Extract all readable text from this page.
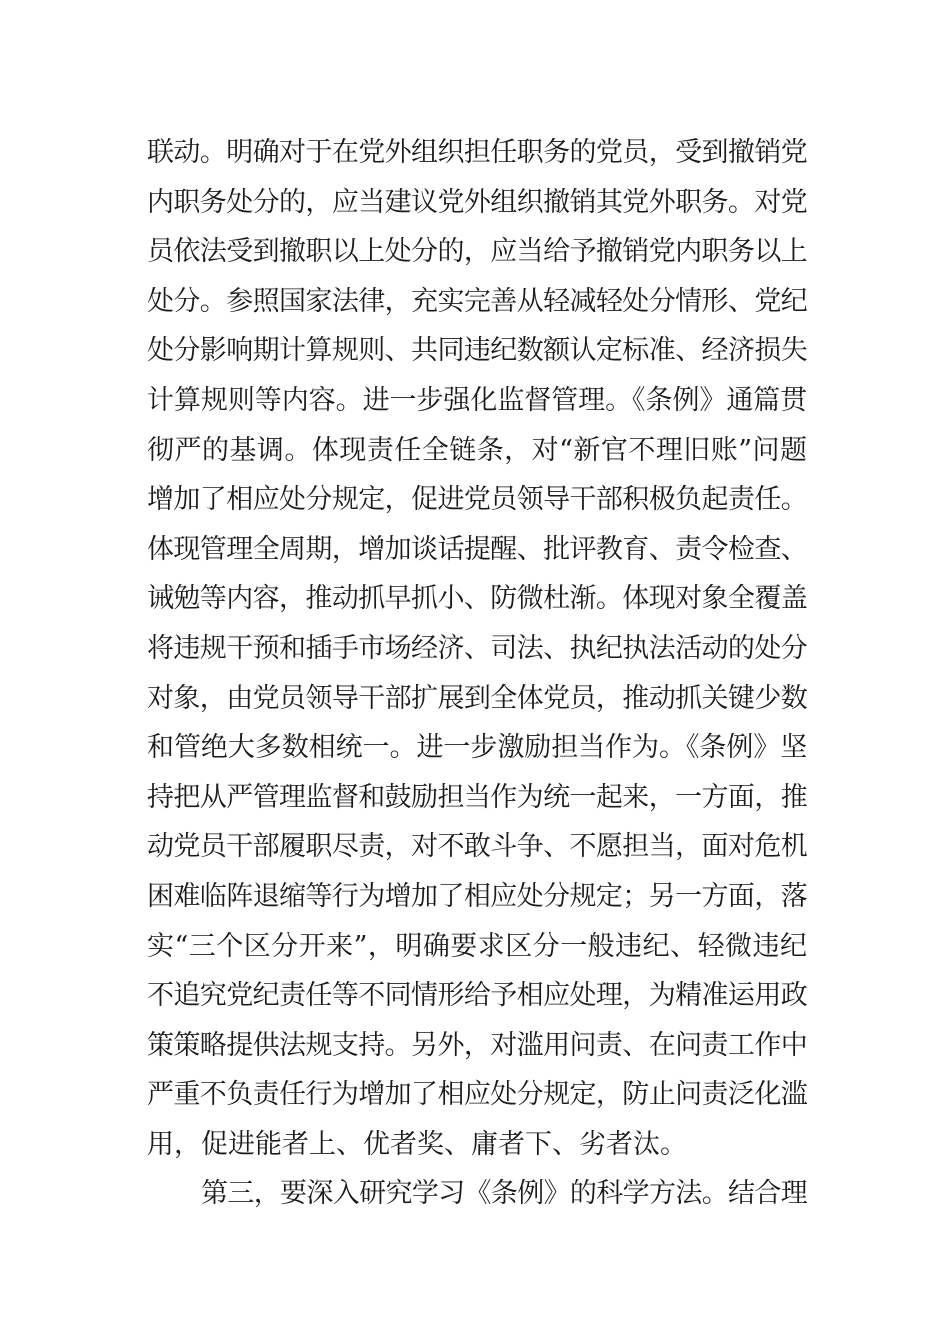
联动。明确对于在党外组织担任职务的党员，受到撤销党
内职务处分的，应当建议党外组织撤销其党外职务。对党
员依法受到撤职以上处分的，应当给予撤销党内职务以上
处分。参照国家法律，充实完善从轻减轻处分情形、党纪
处分影响期计算规则、共同违纪数额认定标准、经济损失
计算规则等内容。进一步强化监督管理。《条例》通篇贯
彻严的基调。体现责任全链条，对“新官不理旧账”问题
增加了相应处分规定，促进党员领导干部积极负起责任。
体现管理全周期，增加谈话提醒、批评教育、责令检查、
诫勉等内容，推动抓早抓小、防微杜渐。体现对象全覆盖
将违规干预和插手市场经济、司法、执纪执法活动的处分
对象，由党员领导干部扩展到全体党员，推动抓关键少数
和管绝大多数相统一。进一步激励担当作为。《条例》坚
持把从严管理监督和鼓励担当作为统一起来，一方面，推
动党员干部履职尽责，对不敢斗争、不愿担当，面对危机
困难临阵退缩等行为增加了相应处分规定；另一方面，落
实“三个区分开来”，明确要求区分一般违纪、轻微违纪
不追究党纪责任等不同情形给予相应处理，为精准运用政
策策略提供法规支持。另外，对滥用问责、在问责工作中
严重不负责任行为增加了相应处分规定，防止问责泛化滥
用，促进能者上、优者奖、庸者下、劣者汰。
第三，要深入研究学习《条例》的科学方法。结合理
